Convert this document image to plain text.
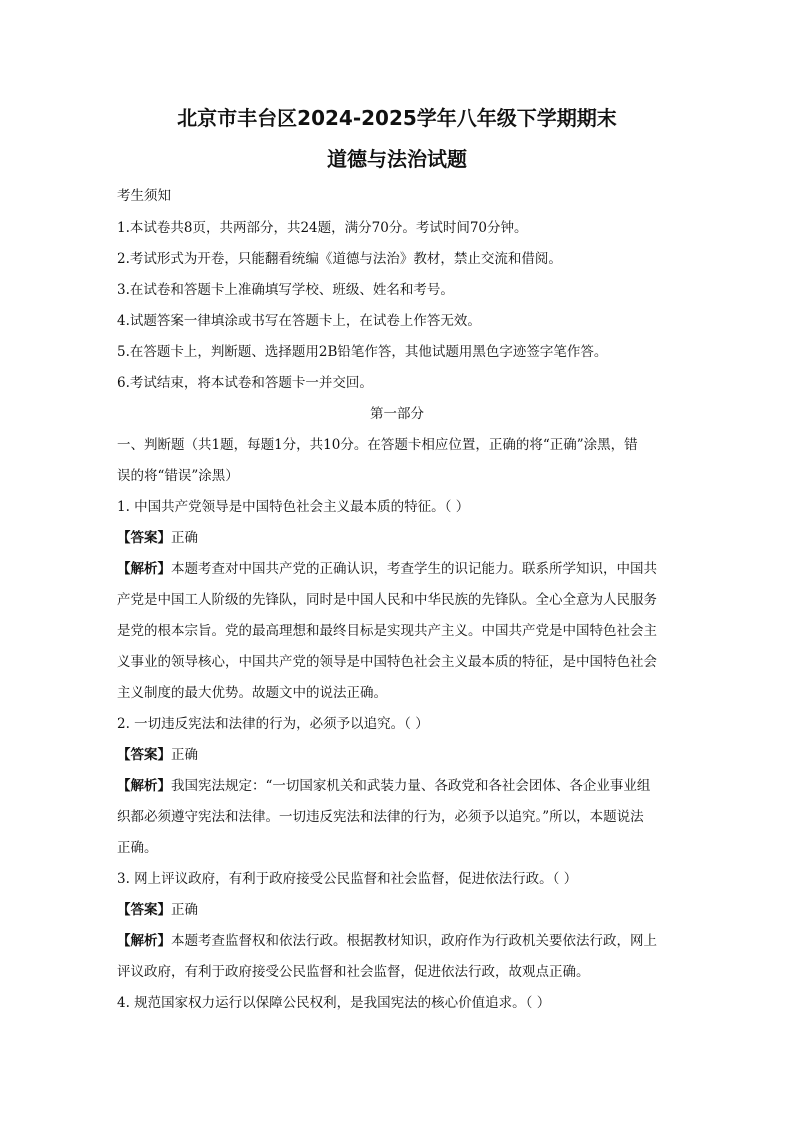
北京市丰台区2024-2025学年八年级下学期期末
道德与法治试题
考生须知
1.本试卷共8页，共两部分，共24题，满分70分。考试时间70分钟。
2.考试形式为开卷，只能翻看统编《道德与法治》教材，禁止交流和借阅。
3.在试卷和答题卡上准确填写学校、班级、姓名和考号。
4.试题答案一律填涂或书写在答题卡上，在试卷上作答无效。
5.在答题卡上，判断题、选择题用2B铅笔作答，其他试题用黑色字迹签字笔作答。
6.考试结束，将本试卷和答题卡一并交回。
第一部分
一、判断题（共1题，每题1分，共10分。在答题卡相应位置，正确的将“正确”涂黑，错
误的将“错误”涂黑）
1. 中国共产党领导是中国特色社会主义最本质的特征。（ ）
【答案】正确
【解析】本题考查对中国共产党的正确认识，考查学生的识记能力。联系所学知识，中国共
产党是中国工人阶级的先锋队，同时是中国人民和中华民族的先锋队。全心全意为人民服务
是党的根本宗旨。党的最高理想和最终目标是实现共产主义。中国共产党是中国特色社会主
义事业的领导核心，中国共产党的领导是中国特色社会主义最本质的特征，是中国特色社会
主义制度的最大优势。故题文中的说法正确。
2. 一切违反宪法和法律的行为，必须予以追究。（ ）
【答案】正确
【解析】我国宪法规定：“一切国家机关和武装力量、各政党和各社会团体、各企业事业组
织都必须遵守宪法和法律。一切违反宪法和法律的行为，必须予以追究。”所以，本题说法
正确。
3. 网上评议政府，有利于政府接受公民监督和社会监督，促进依法行政。（ ）
【答案】正确
【解析】本题考查监督权和依法行政。根据教材知识，政府作为行政机关要依法行政，网上
评议政府，有利于政府接受公民监督和社会监督，促进依法行政，故观点正确。
4. 规范国家权力运行以保障公民权利，是我国宪法的核心价值追求。（ ）
